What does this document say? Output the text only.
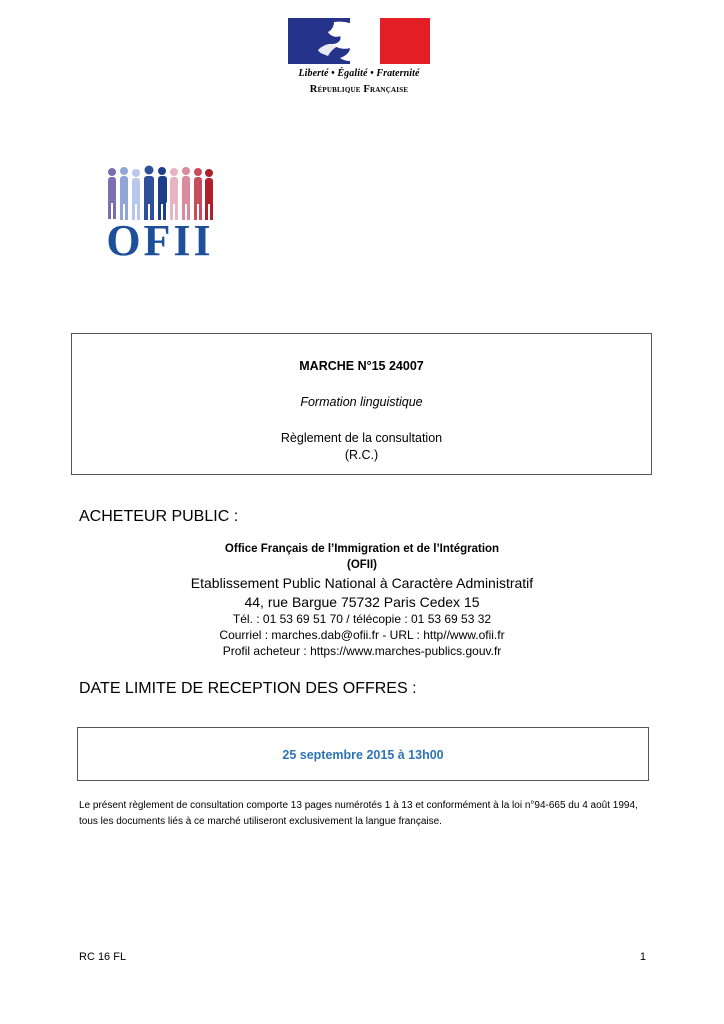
Liberté • Égalité • Fraternité
République Française
OFII
MARCHE N°15 24007
Formation linguistique
Règlement de la consultation
(R.C.)
ACHETEUR PUBLIC :
Office Français de l’Immigration et de l’Intégration
(OFII)
Etablissement Public National à Caractère Administratif
44, rue Bargue 75732 Paris Cedex 15
Tél. : 01 53 69 51 70 / télécopie : 01 53 69 53 32
Courriel : marches.dab@ofii.fr - URL : http//www.ofii.fr
Profil acheteur : https://www.marches-publics.gouv.fr
DATE LIMITE DE RECEPTION DES OFFRES :
25 septembre 2015 à 13h00
Le présent règlement de consultation comporte 13 pages numérotés 1 à 13 et conformément à la loi n°94-665 du 4 août 1994, tous les documents liés à ce marché utiliseront exclusivement la langue française.
RC 16 FL	1
